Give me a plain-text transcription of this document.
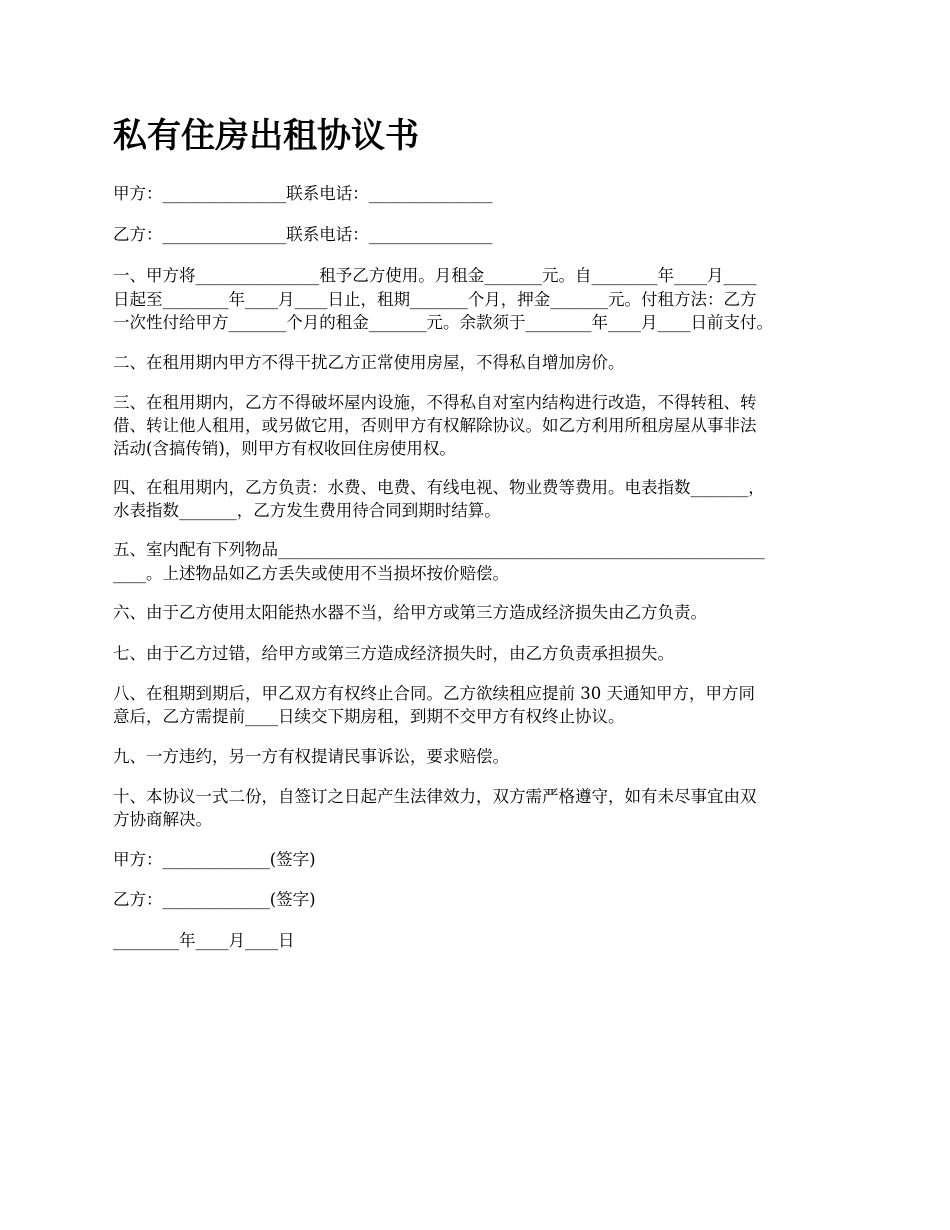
私有住房出租协议书

甲方：_______________联系电话：_______________

乙方：_______________联系电话：_______________

一、甲方将_______________租予乙方使用。月租金_______元。自________年____月____

日起至________年____月____日止，租期_______个月，押金_______元。付租方法：乙方

一次性付给甲方_______个月的租金_______元。余款须于________年____月____日前支付。

二、在租用期内甲方不得干扰乙方正常使用房屋，不得私自增加房价。

三、在租用期内，乙方不得破坏屋内设施，不得私自对室内结构进行改造，不得转租、转

借、转让他人租用，或另做它用，否则甲方有权解除协议。如乙方利用所租房屋从事非法

活动(含搞传销)，则甲方有权收回住房使用权。

四、在租用期内，乙方负责：水费、电费、有线电视、物业费等费用。电表指数_______，

水表指数_______，乙方发生费用待合同到期时结算。

五、室内配有下列物品___________________________________________________________

____。上述物品如乙方丢失或使用不当损坏按价赔偿。

六、由于乙方使用太阳能热水器不当，给甲方或第三方造成经济损失由乙方负责。

七、由于乙方过错，给甲方或第三方造成经济损失时，由乙方负责承担损失。

八、在租期到期后，甲乙双方有权终止合同。乙方欲续租应提前 30 天通知甲方，甲方同

意后，乙方需提前____日续交下期房租，到期不交甲方有权终止协议。

九、一方违约，另一方有权提请民事诉讼，要求赔偿。

十、本协议一式二份，自签订之日起产生法律效力，双方需严格遵守，如有未尽事宜由双

方协商解决。

甲方：_____________(签字)

乙方：_____________(签字)

________年____月____日
